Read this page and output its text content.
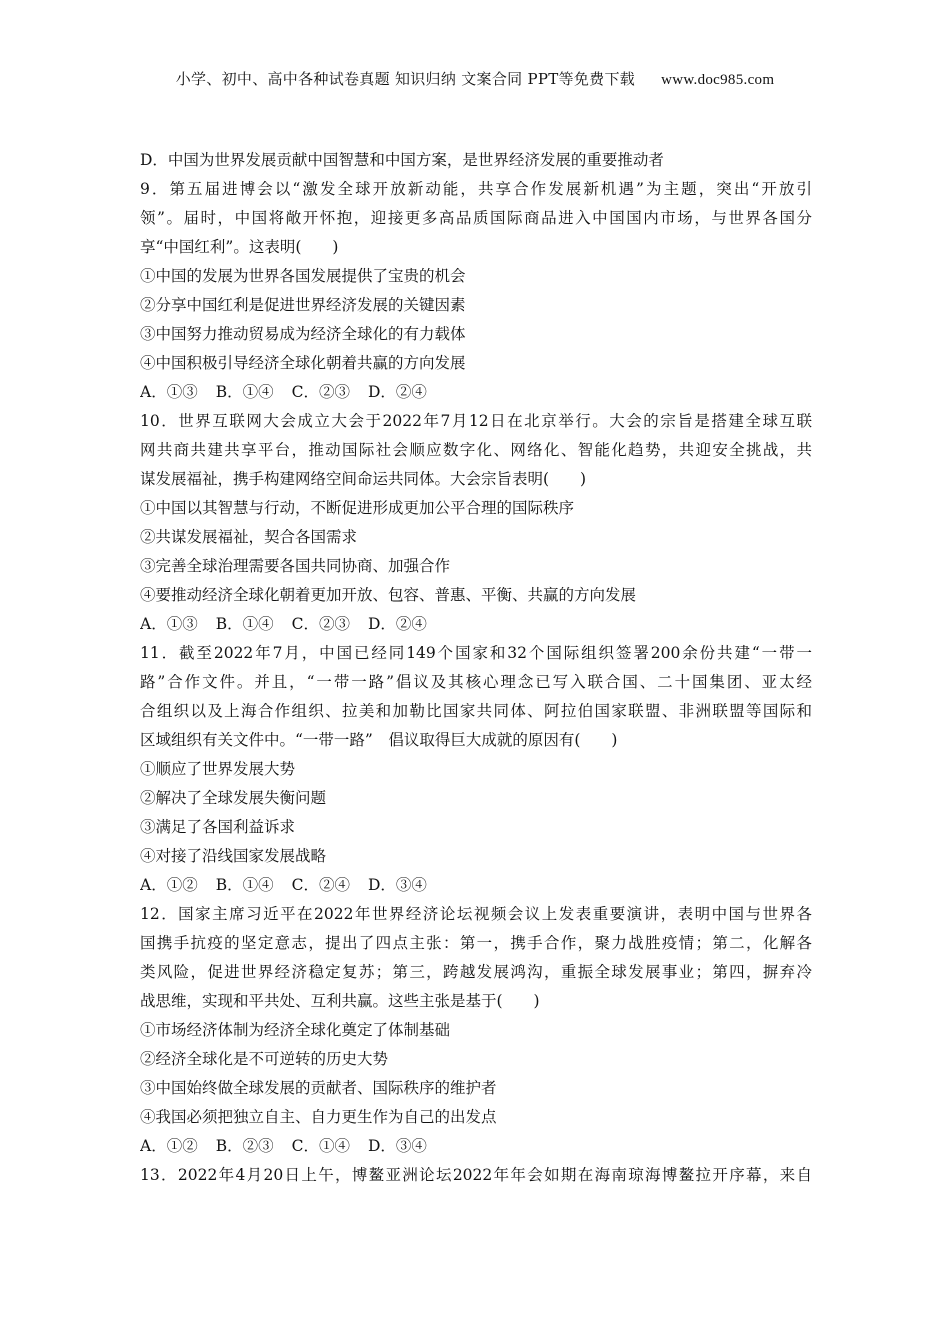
小学、初中、高中各种试卷真题 知识归纳 文案合同 PPT等免费下载 www.doc985.com
D．中国为世界发展贡献中国智慧和中国方案，是世界经济发展的重要推动者
9．第五届进博会以“激发全球开放新动能，共享合作发展新机遇”为主题，突出“开放引
领”。届时，中国将敞开怀抱，迎接更多高品质国际商品进入中国国内市场，与世界各国分
享“中国红利”。这表明(　　)
①中国的发展为世界各国发展提供了宝贵的机会
②分享中国红利是促进世界经济发展的关键因素
③中国努力推动贸易成为经济全球化的有力载体
④中国积极引导经济全球化朝着共赢的方向发展
A．①③ B．①④ C．②③ D．②④
10．世界互联网大会成立大会于2022年7月12日在北京举行。大会的宗旨是搭建全球互联
网共商共建共享平台，推动国际社会顺应数字化、网络化、智能化趋势，共迎安全挑战，共
谋发展福祉，携手构建网络空间命运共同体。大会宗旨表明(　　)
①中国以其智慧与行动，不断促进形成更加公平合理的国际秩序
②共谋发展福祉，契合各国需求
③完善全球治理需要各国共同协商、加强合作
④要推动经济全球化朝着更加开放、包容、普惠、平衡、共赢的方向发展
A．①③ B．①④ C．②③ D．②④
11．截至2022年7月，中国已经同149个国家和32个国际组织签署200余份共建“一带一
路”合作文件。并且，“一带一路”倡议及其核心理念已写入联合国、二十国集团、亚太经
合组织以及上海合作组织、拉美和加勒比国家共同体、阿拉伯国家联盟、非洲联盟等国际和
区域组织有关文件中。“一带一路”　倡议取得巨大成就的原因有(　　)
①顺应了世界发展大势
②解决了全球发展失衡问题
③满足了各国利益诉求
④对接了沿线国家发展战略
A．①② B．①④ C．②④ D．③④
12．国家主席习近平在2022年世界经济论坛视频会议上发表重要演讲，表明中国与世界各
国携手抗疫的坚定意志，提出了四点主张：第一，携手合作，聚力战胜疫情；第二，化解各
类风险，促进世界经济稳定复苏；第三，跨越发展鸿沟，重振全球发展事业；第四，摒弃冷
战思维，实现和平共处、互利共赢。这些主张是基于(　　)
①市场经济体制为经济全球化奠定了体制基础
②经济全球化是不可逆转的历史大势
③中国始终做全球发展的贡献者、国际秩序的维护者
④我国必须把独立自主、自力更生作为自己的出发点
A．①② B．②③ C．①④ D．③④
13．2022年4月20日上午，博鳌亚洲论坛2022年年会如期在海南琼海博鳌拉开序幕，来自
